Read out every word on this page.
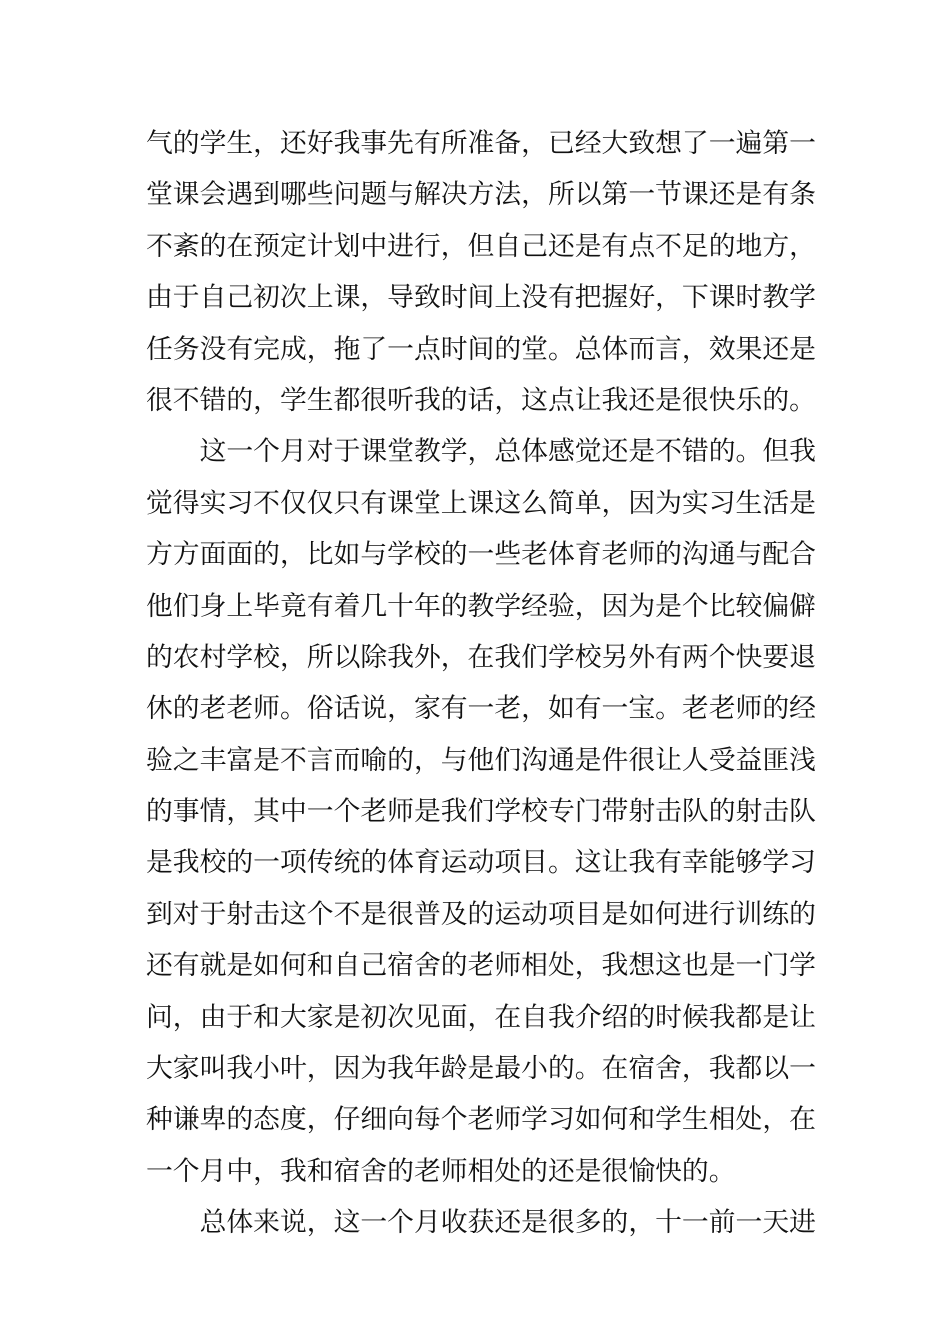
气的学生，还好我事先有所准备，已经大致想了一遍第一
堂课会遇到哪些问题与解决方法，所以第一节课还是有条
不紊的在预定计划中进行，但自己还是有点不足的地方，
由于自己初次上课，导致时间上没有把握好，下课时教学
任务没有完成，拖了一点时间的堂。总体而言，效果还是
很不错的，学生都很听我的话，这点让我还是很快乐的。
　　这一个月对于课堂教学，总体感觉还是不错的。但我
觉得实习不仅仅只有课堂上课这么简单，因为实习生活是
方方面面的，比如与学校的一些老体育老师的沟通与配合
他们身上毕竟有着几十年的教学经验，因为是个比较偏僻
的农村学校，所以除我外，在我们学校另外有两个快要退
休的老老师。俗话说，家有一老，如有一宝。老老师的经
验之丰富是不言而喻的，与他们沟通是件很让人受益匪浅
的事情，其中一个老师是我们学校专门带射击队的射击队
是我校的一项传统的体育运动项目。这让我有幸能够学习
到对于射击这个不是很普及的运动项目是如何进行训练的
还有就是如何和自己宿舍的老师相处，我想这也是一门学
问，由于和大家是初次见面，在自我介绍的时候我都是让
大家叫我小叶，因为我年龄是最小的。在宿舍，我都以一
种谦卑的态度，仔细向每个老师学习如何和学生相处，在
一个月中，我和宿舍的老师相处的还是很愉快的。
　　总体来说，这一个月收获还是很多的，十一前一天进
